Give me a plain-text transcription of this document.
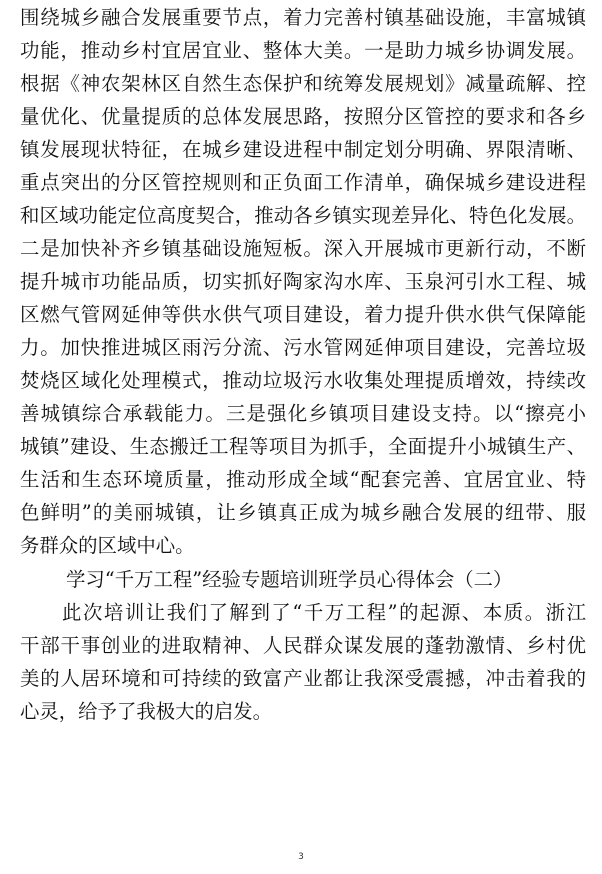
围绕城乡融合发展重要节点，着力完善村镇基础设施，丰富城镇
功能，推动乡村宜居宜业、整体大美。一是助力城乡协调发展。
根据《神农架林区自然生态保护和统筹发展规划》减量疏解、控
量优化、优量提质的总体发展思路，按照分区管控的要求和各乡
镇发展现状特征，在城乡建设进程中制定划分明确、界限清晰、
重点突出的分区管控规则和正负面工作清单，确保城乡建设进程
和区域功能定位高度契合，推动各乡镇实现差异化、特色化发展。
二是加快补齐乡镇基础设施短板。深入开展城市更新行动，不断
提升城市功能品质，切实抓好陶家沟水库、玉泉河引水工程、城
区燃气管网延伸等供水供气项目建设，着力提升供水供气保障能
力。加快推进城区雨污分流、污水管网延伸项目建设，完善垃圾
焚烧区域化处理模式，推动垃圾污水收集处理提质增效，持续改
善城镇综合承载能力。三是强化乡镇项目建设支持。以“擦亮小
城镇”建设、生态搬迁工程等项目为抓手，全面提升小城镇生产、
生活和生态环境质量，推动形成全域“配套完善、宜居宜业、特
色鲜明”的美丽城镇，让乡镇真正成为城乡融合发展的纽带、服
务群众的区域中心。
学习“千万工程”经验专题培训班学员心得体会（二）
此次培训让我们了解到了“千万工程”的起源、本质。浙江
干部干事创业的进取精神、人民群众谋发展的蓬勃激情、乡村优
美的人居环境和可持续的致富产业都让我深受震撼，冲击着我的
心灵，给予了我极大的启发。
3
